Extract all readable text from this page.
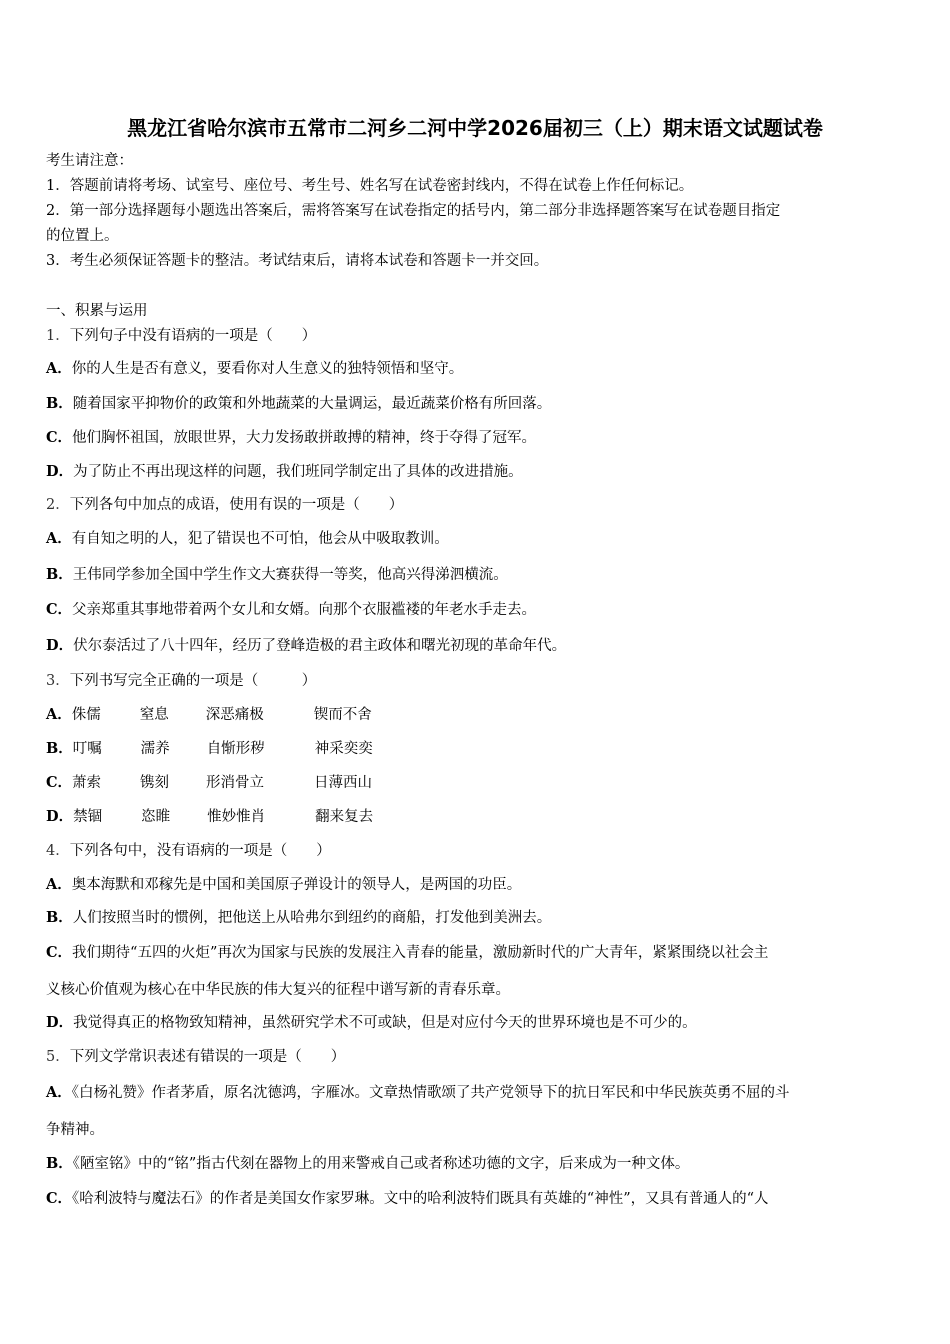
黑龙江省哈尔滨市五常市二河乡二河中学2026届初三（上）期末语文试题试卷
考生请注意：
1．答题前请将考场、试室号、座位号、考生号、姓名写在试卷密封线内，不得在试卷上作任何标记。
2．第一部分选择题每小题选出答案后，需将答案写在试卷指定的括号内，第二部分非选择题答案写在试卷题目指定
的位置上。
3．考生必须保证答题卡的整洁。考试结束后，请将本试卷和答题卡一并交回。
一、积累与运用
1．下列句子中没有语病的一项是（　　）
A．你的人生是否有意义，要看你对人生意义的独特领悟和坚守。
B．随着国家平抑物价的政策和外地蔬菜的大量调运，最近蔬菜价格有所回落。
C．他们胸怀祖国，放眼世界，大力发扬敢拼敢搏的精神，终于夺得了冠军。
D．为了防止不再出现这样的问题，我们班同学制定出了具体的改进措施。
2．下列各句中加点的成语，使用有误的一项是（　　）
A．有自知之明的人，犯了错误也不可怕，他会从中吸取教训。
B．王伟同学参加全国中学生作文大赛获得一等奖，他高兴得涕泗横流。
C．父亲郑重其事地带着两个女儿和女婿。向那个衣服褴褛的年老水手走去。
D．伏尔泰活过了八十四年，经历了登峰造极的君主政体和曙光初现的革命年代。
3．下列书写完全正确的一项是（　　　）
A．侏儒	窒息	深恶痛极	锲而不舍
B．叮嘱	濡养	自惭形秽	神采奕奕
C．萧索	镌刻	形消骨立	日薄西山
D．禁锢	恣睢	惟妙惟肖	翻来复去
4．下列各句中，没有语病的一项是（　　）
A．奥本海默和邓稼先是中国和美国原子弹设计的领导人，是两国的功臣。
B．人们按照当时的惯例，把他送上从哈弗尔到纽约的商船，打发他到美洲去。
C．我们期待“五四的火炬”再次为国家与民族的发展注入青春的能量，激励新时代的广大青年，紧紧围绕以社会主
义核心价值观为核心在中华民族的伟大复兴的征程中谱写新的青春乐章。
D．我觉得真正的格物致知精神，虽然研究学术不可或缺，但是对应付今天的世界环境也是不可少的。
5．下列文学常识表述有错误的一项是（　　）
A．《白杨礼赞》作者茅盾，原名沈德鸿，字雁冰。文章热情歌颂了共产党领导下的抗日军民和中华民族英勇不屈的斗
争精神。
B．《陋室铭》中的“铭”指古代刻在器物上的用来警戒自己或者称述功德的文字，后来成为一种文体。
C．《哈利波特与魔法石》的作者是美国女作家罗琳。文中的哈利波特们既具有英雄的“神性”，又具有普通人的“人
